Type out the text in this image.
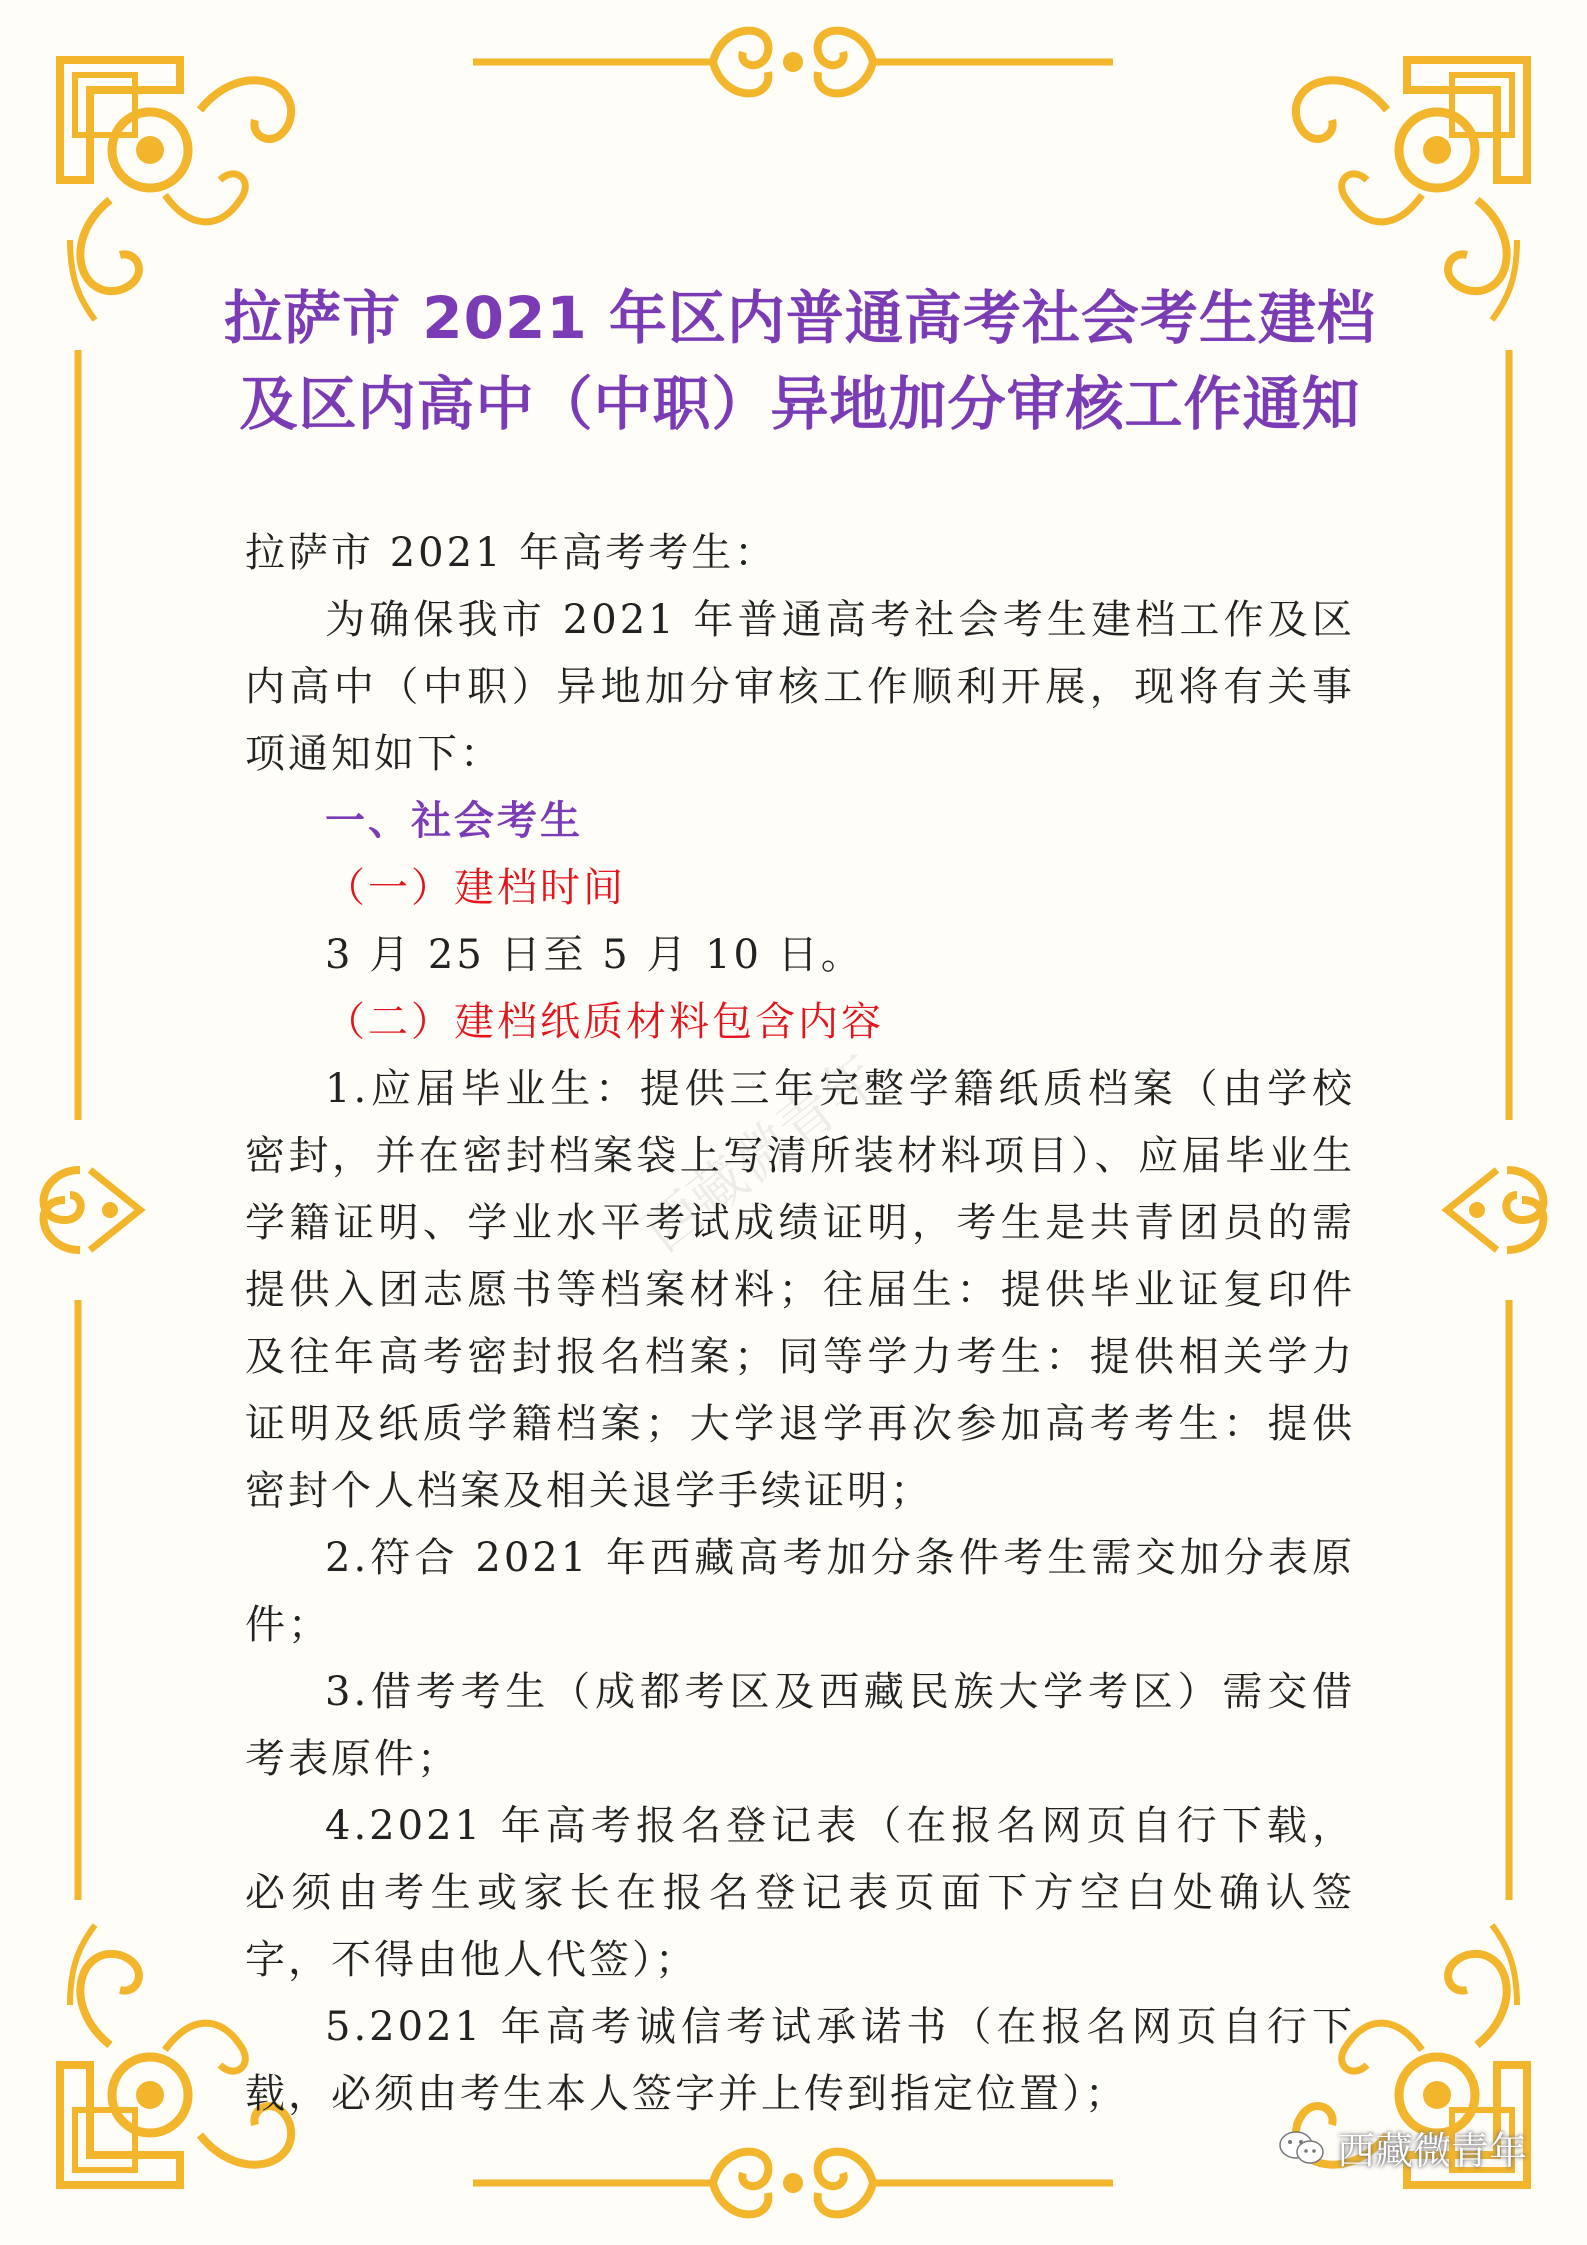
拉萨市 2021 年区内普通高考社会考生建档
及区内高中（中职）异地加分审核工作通知
西藏微青年

拉萨市 2021 年高考考生：

为确保我市 2021 年普通高考社会考生建档工作及区内高中（中职）异地加分审核工作顺利开展，现将有关事项通知如下：

一、社会考生

（一）建档时间

3 月 25 日至 5 月 10 日。

（二）建档纸质材料包含内容

1.应届毕业生：提供三年完整学籍纸质档案（由学校密封，并在密封档案袋上写清所装材料项目）、应届毕业生学籍证明、学业水平考试成绩证明，考生是共青团员的需提供入团志愿书等档案材料；往届生：提供毕业证复印件及往年高考密封报名档案；同等学力考生：提供相关学力证明及纸质学籍档案；大学退学再次参加高考考生：提供密封个人档案及相关退学手续证明；

2.符合 2021 年西藏高考加分条件考生需交加分表原件；

3.借考考生（成都考区及西藏民族大学考区）需交借考表原件；

4.2021 年高考报名登记表（在报名网页自行下载，必须由考生或家长在报名登记表页面下方空白处确认签字，不得由他人代签）；

5.2021 年高考诚信考试承诺书（在报名网页自行下载，必须由考生本人签字并上传到指定位置）；

西藏微青年
